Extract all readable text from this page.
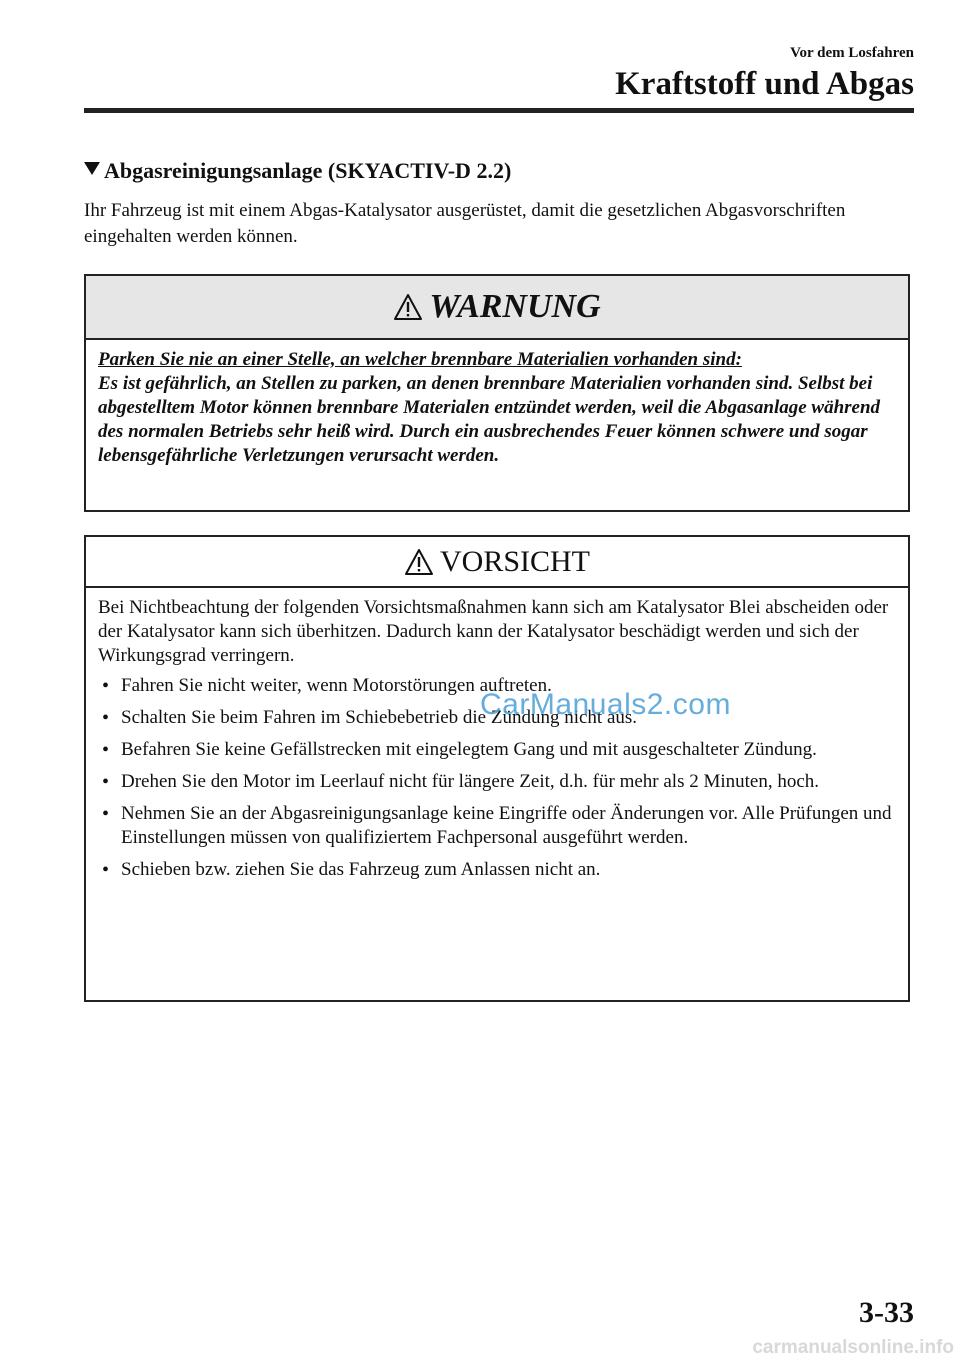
Vor dem Losfahren
Kraftstoff und Abgas
Abgasreinigungsanlage (SKYACTIV-D 2.2)
Ihr Fahrzeug ist mit einem Abgas-Katalysator ausgerüstet, damit die gesetzlichen Abgasvorschriften eingehalten werden können.
WARNUNG
Parken Sie nie an einer Stelle, an welcher brennbare Materialien vorhanden sind:
Es ist gefährlich, an Stellen zu parken, an denen brennbare Materialien vorhanden sind. Selbst bei abgestelltem Motor können brennbare Materialen entzündet werden, weil die Abgasanlage während des normalen Betriebs sehr heiß wird. Durch ein ausbrechendes Feuer können schwere und sogar lebensgefährliche Verletzungen verursacht werden.
VORSICHT

Bei Nichtbeachtung der folgenden Vorsichtsmaßnahmen kann sich am Katalysator Blei abscheiden oder der Katalysator kann sich überhitzen. Dadurch kann der Katalysator beschädigt werden und sich der Wirkungsgrad verringern.

• Fahren Sie nicht weiter, wenn Motorstörungen auftreten.
• Schalten Sie beim Fahren im Schiebebetrieb die Zündung nicht aus.
• Befahren Sie keine Gefällstrecken mit eingelegtem Gang und mit ausgeschalteter Zündung.
• Drehen Sie den Motor im Leerlauf nicht für längere Zeit, d.h. für mehr als 2 Minuten, hoch.
• Nehmen Sie an der Abgasreinigungsanlage keine Eingriffe oder Änderungen vor. Alle Prüfungen und Einstellungen müssen von qualifiziertem Fachpersonal ausgeführt werden.
• Schieben bzw. ziehen Sie das Fahrzeug zum Anlassen nicht an.
CarManuals2.com
3-33
carmanualsonline.info
